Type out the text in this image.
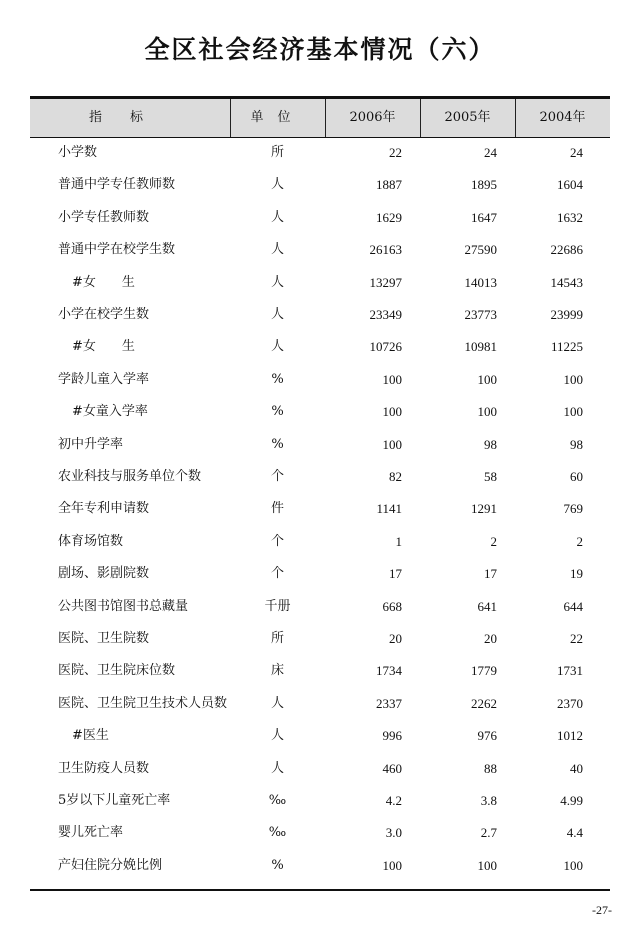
全区社会经济基本情况（六）
指标	单位	2006年	2005年	2004年
小学数	所	22	24	24
普通中学专任教师数	人	1887	1895	1604
小学专任教师数	人	1629	1647	1632
普通中学在校学生数	人	26163	27590	22686
#女　　生	人	13297	14013	14543
小学在校学生数	人	23349	23773	23999
#女　　生	人	10726	10981	11225
学龄儿童入学率	%	100	100	100
#女童入学率	%	100	100	100
初中升学率	%	100	98	98
农业科技与服务单位个数	个	82	58	60
全年专利申请数	件	1141	1291	769
体育场馆数	个	1	2	2
剧场、影剧院数	个	17	17	19
公共图书馆图书总藏量	千册	668	641	644
医院、卫生院数	所	20	20	22
医院、卫生院床位数	床	1734	1779	1731
医院、卫生院卫生技术人员数	人	2337	2262	2370
#医生	人	996	976	1012
卫生防疫人员数	人	460	88	40
5岁以下儿童死亡率	‰	4.2	3.8	4.99
婴儿死亡率	‰	3.0	2.7	4.4
产妇住院分娩比例	%	100	100	100
-27-
